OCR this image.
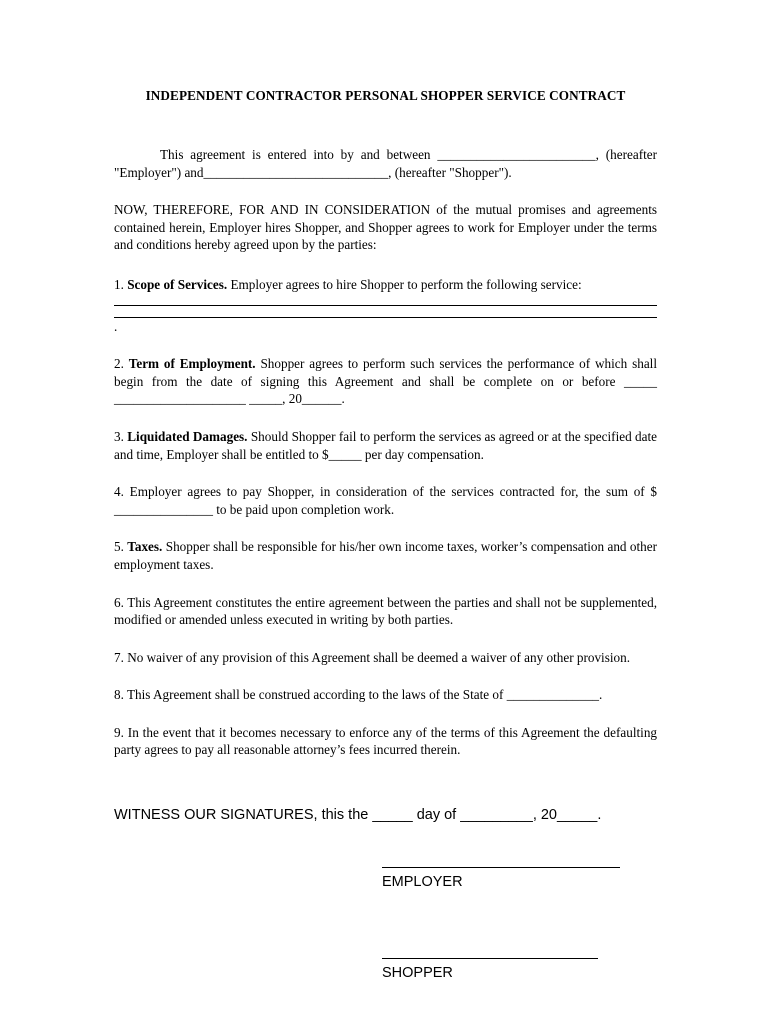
INDEPENDENT CONTRACTOR PERSONAL SHOPPER SERVICE CONTRACT

This agreement is entered into by and between ________________________, (hereafter "Employer") and____________________________, (hereafter "Shopper").

NOW, THEREFORE, FOR AND IN CONSIDERATION of the mutual promises and agreements contained herein, Employer hires Shopper, and Shopper agrees to work for Employer under the terms and conditions hereby agreed upon by the parties:

1. Scope of Services. Employer agrees to hire Shopper to perform the following service:

.

2. Term of Employment. Shopper agrees to perform such services the performance of which shall begin from the date of signing this Agreement and shall be complete on or before _____ ____________________ _____, 20______.

3. Liquidated Damages. Should Shopper fail to perform the services as agreed or at the specified date and time, Employer shall be entitled to $_____ per day compensation.

4. Employer agrees to pay Shopper, in consideration of the services contracted for, the sum of $ _______________ to be paid upon completion work.

5. Taxes. Shopper shall be responsible for his/her own income taxes, worker’s compensation and other employment taxes.

6. This Agreement constitutes the entire agreement between the parties and shall not be supplemented, modified or amended unless executed in writing by both parties.

7. No waiver of any provision of this Agreement shall be deemed a waiver of any other provision.

8. This Agreement shall be construed according to the laws of the State of ______________.

9. In the event that it becomes necessary to enforce any of the terms of this Agreement the defaulting party agrees to pay all reasonable attorney’s fees incurred therein.

WITNESS OUR SIGNATURES, this the _____ day of _________, 20_____.

EMPLOYER

SHOPPER
